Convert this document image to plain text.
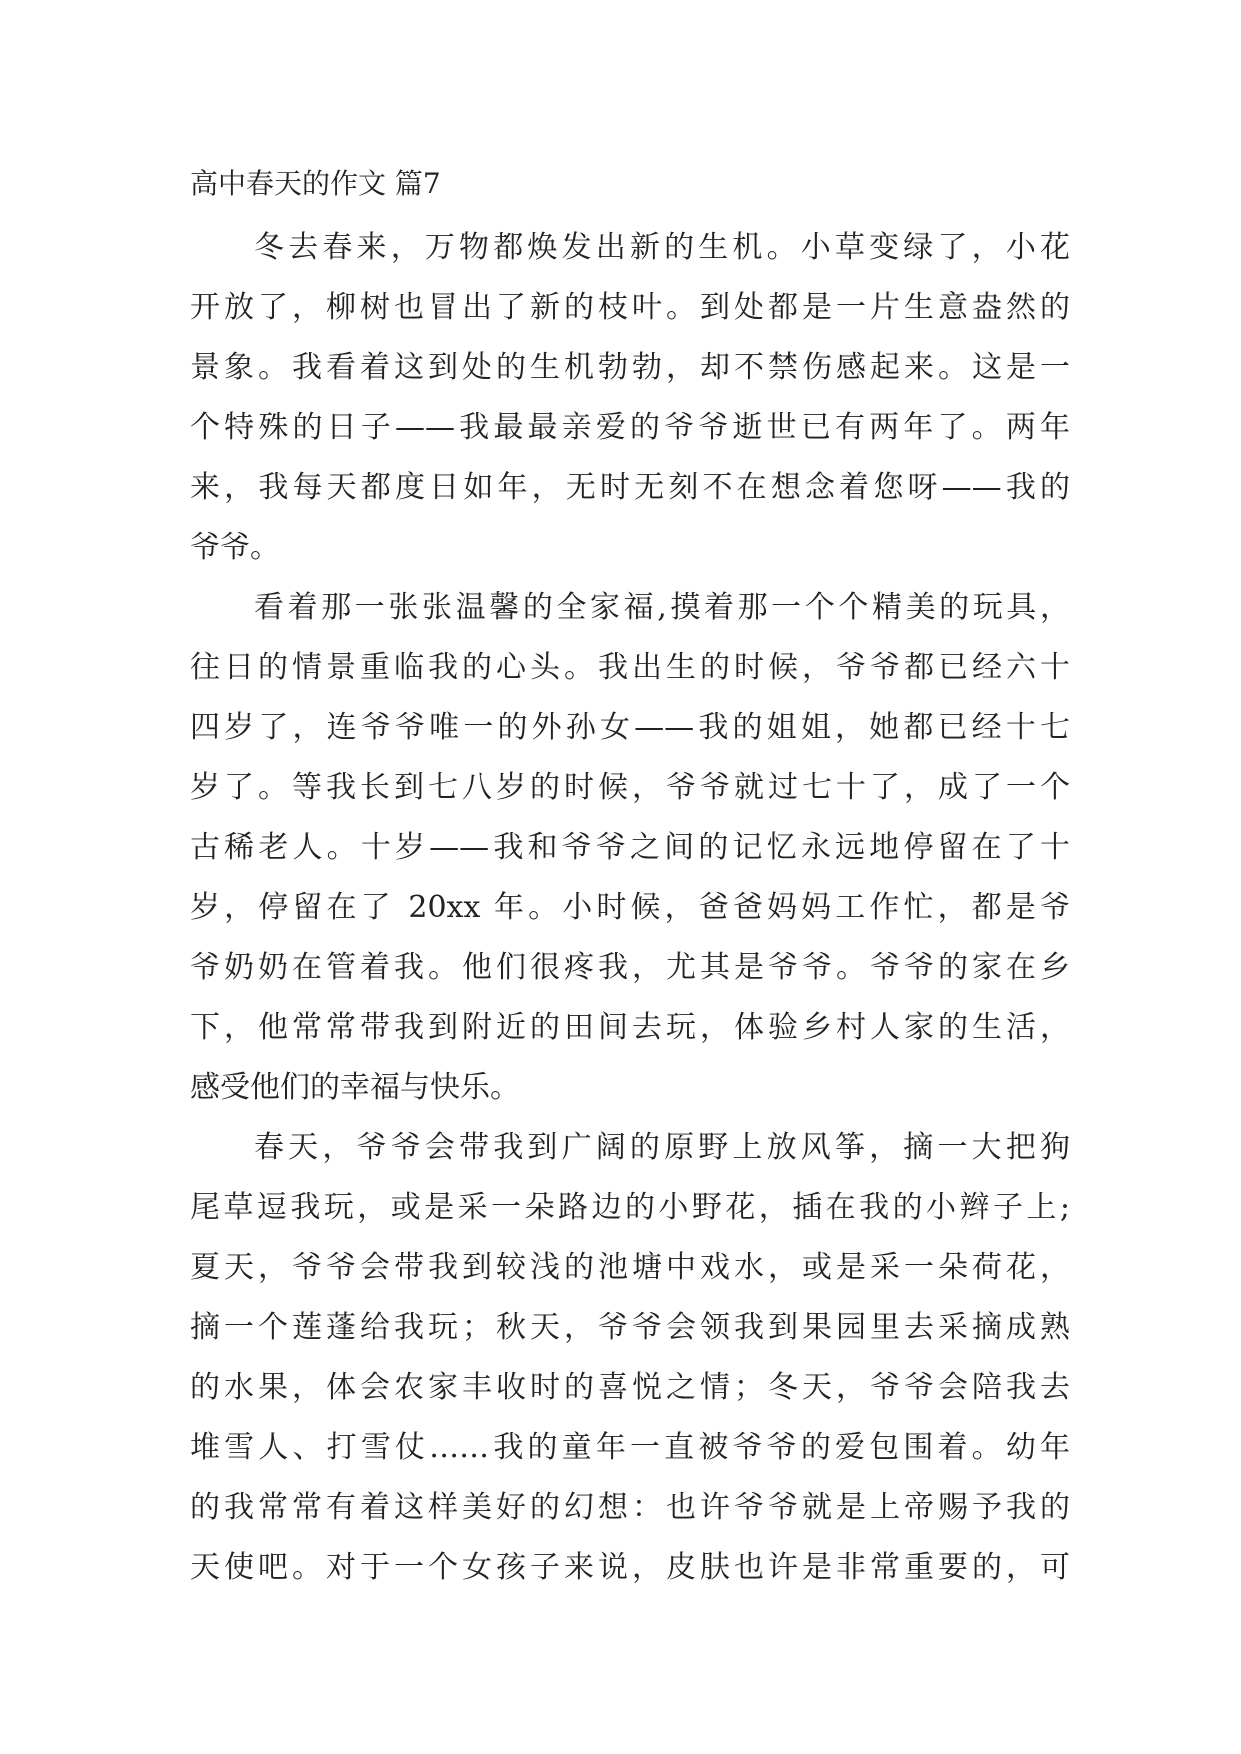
高中春天的作文 篇7

冬去春来，万物都焕发出新的生机。小草变绿了，小花
开放了，柳树也冒出了新的枝叶。到处都是一片生意盎然的
景象。我看着这到处的生机勃勃，却不禁伤感起来。这是一
个特殊的日子——我最最亲爱的爷爷逝世已有两年了。两年
来，我每天都度日如年，无时无刻不在想念着您呀——我的
爷爷。

看着那一张张温馨的全家福,摸着那一个个精美的玩具，
往日的情景重临我的心头。我出生的时候，爷爷都已经六十
四岁了，连爷爷唯一的外孙女——我的姐姐，她都已经十七
岁了。等我长到七八岁的时候，爷爷就过七十了，成了一个
古稀老人。十岁——我和爷爷之间的记忆永远地停留在了十
岁，停留在了 20xx 年。小时候，爸爸妈妈工作忙，都是爷
爷奶奶在管着我。他们很疼我，尤其是爷爷。爷爷的家在乡
下，他常常带我到附近的田间去玩，体验乡村人家的生活，
感受他们的幸福与快乐。

春天，爷爷会带我到广阔的原野上放风筝，摘一大把狗
尾草逗我玩，或是采一朵路边的小野花，插在我的小辫子上;
夏天，爷爷会带我到较浅的池塘中戏水，或是采一朵荷花，
摘一个莲蓬给我玩；秋天，爷爷会领我到果园里去采摘成熟
的水果，体会农家丰收时的喜悦之情；冬天，爷爷会陪我去
堆雪人、打雪仗……我的童年一直被爷爷的爱包围着。幼年
的我常常有着这样美好的幻想：也许爷爷就是上帝赐予我的
天使吧。对于一个女孩子来说，皮肤也许是非常重要的，可
